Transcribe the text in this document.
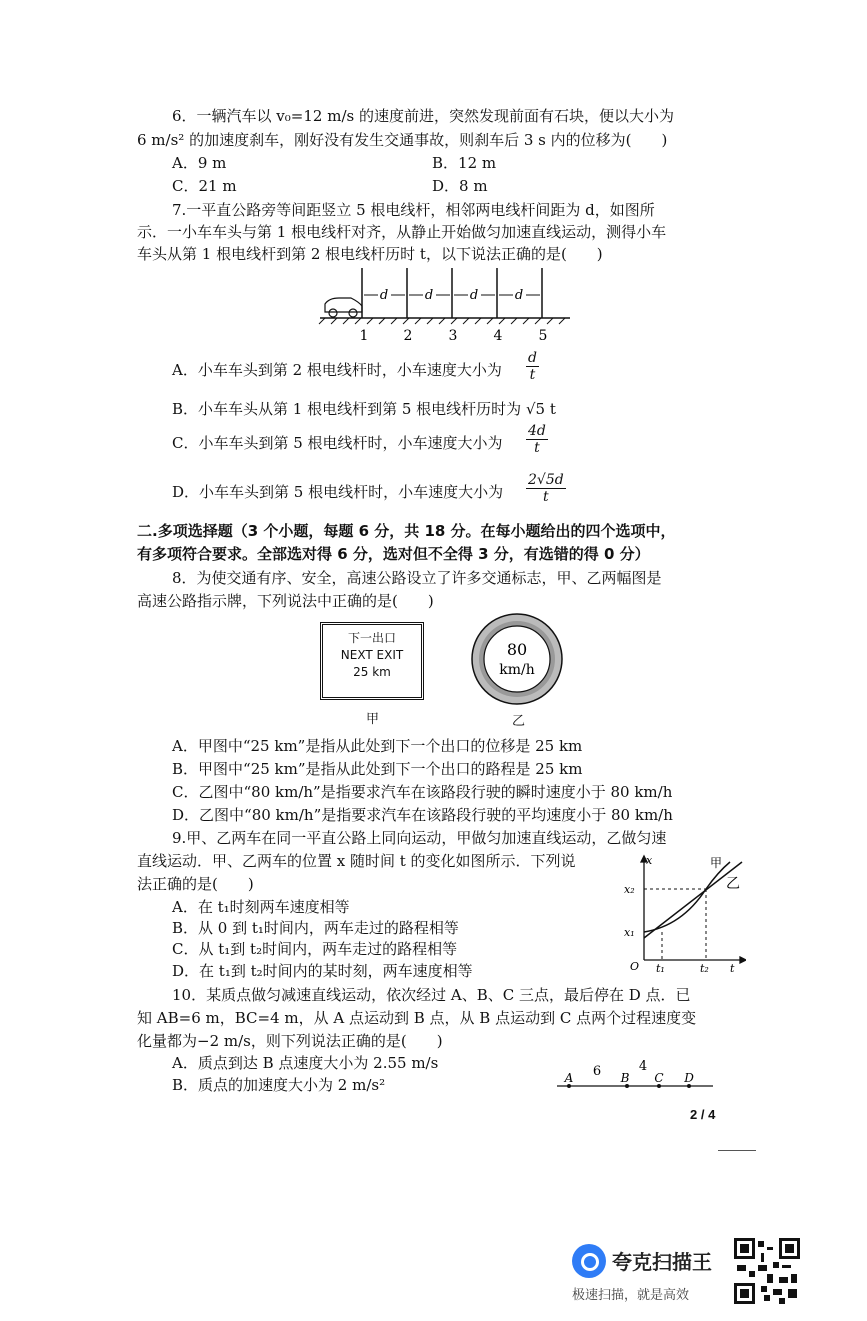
6．一辆汽车以 v₀=12 m/s 的速度前进，突然发现前面有石块，便以大小为
6 m/s² 的加速度刹车，刚好没有发生交通事故，则刹车后 3 s 内的位移为(　　)
A．9 m	B．12 m
C．21 m	D．8 m
7.一平直公路旁等间距竖立 5 根电线杆，相邻两电线杆间距为 d，如图所
示．一小车车头与第 1 根电线杆对齐，从静止开始做匀加速直线运动，测得小车
车头从第 1 根电线杆到第 2 根电线杆历时 t，以下说法正确的是(　　)
d	d	d	d
1	2	3	4	5
A．小车车头到第 2 根电线杆时，小车速度大小为 $\frac{d}{t}$
B．小车车头从第 1 根电线杆到第 5 根电线杆历时为 √5 t
C．小车车头到第 5 根电线杆时，小车速度大小为 $\frac{4d}{t}$
D．小车车头到第 5 根电线杆时，小车速度大小为 $\frac{2√5d}{t}$
二.多项选择题（3 个小题，每题 6 分，共 18 分。在每小题给出的四个选项中，
有多项符合要求。全部选对得 6 分，选对但不全得 3 分，有选错的得 0 分）
8．为使交通有序、安全，高速公路设立了许多交通标志，甲、乙两幅图是
高速公路指示牌，下列说法中正确的是(　　)
下一出口
NEXT EXIT
25 km
甲
80
km/h
乙
A．甲图中“25 km”是指从此处到下一个出口的位移是 25 km
B．甲图中“25 km”是指从此处到下一个出口的路程是 25 km
C．乙图中“80 km/h”是指要求汽车在该路段行驶的瞬时速度小于 80 km/h
D．乙图中“80 km/h”是指要求汽车在该路段行驶的平均速度小于 80 km/h
9.甲、乙两车在同一平直公路上同向运动，甲做匀加速直线运动，乙做匀速
直线运动．甲、乙两车的位置 x 随时间 t 的变化如图所示．下列说
法正确的是(　　)
A．在 t₁时刻两车速度相等
B．从 0 到 t₁时间内，两车走过的路程相等
C．从 t₁到 t₂时间内，两车走过的路程相等
D．在 t₁到 t₂时间内的某时刻，两车速度相等
x
t
O
x₂
x₁
t₁	t₂
甲
乙
10．某质点做匀减速直线运动，依次经过 A、B、C 三点，最后停在 D 点．已
知 AB=6 m，BC=4 m，从 A 点运动到 B 点，从 B 点运动到 C 点两个过程速度变
化量都为−2 m/s，则下列说法正确的是(　　)
A．质点到达 B 点速度大小为 2.55 m/s
B．质点的加速度大小为 2 m/s²	A	B C D
6	4
2 / 4
夸克扫描王
极速扫描，就是高效
